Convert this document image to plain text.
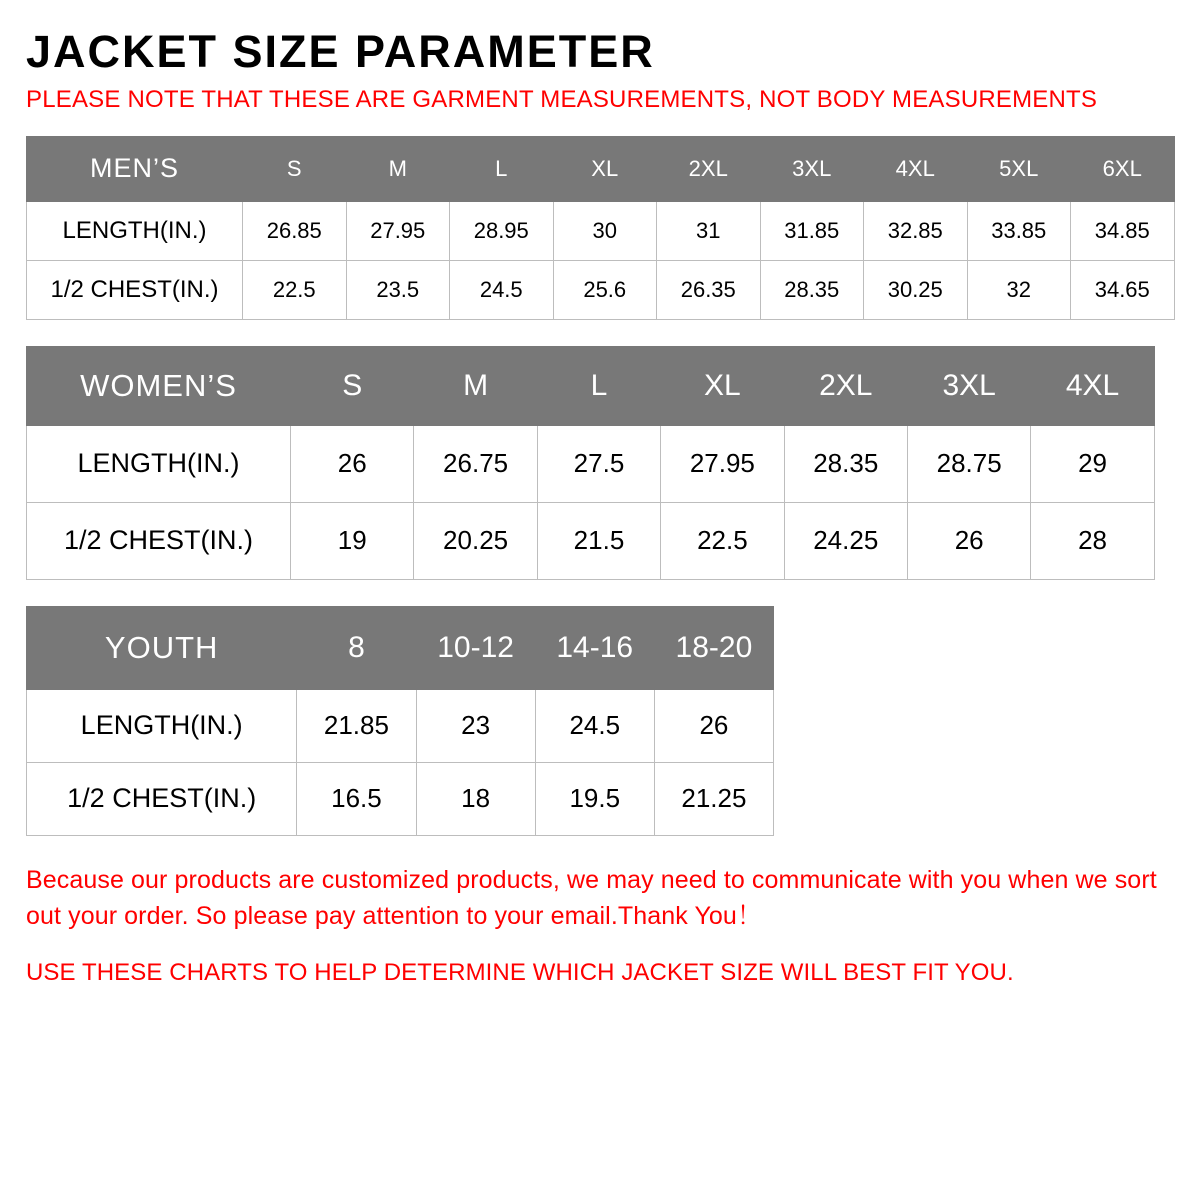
JACKET SIZE PARAMETER
PLEASE NOTE THAT THESE ARE GARMENT MEASUREMENTS, NOT BODY MEASUREMENTS
MEN’S	S	M	L	XL	2XL	3XL	4XL	5XL	6XL
LENGTH(IN.)	26.85	27.95	28.95	30	31	31.85	32.85	33.85	34.85
1/2 CHEST(IN.)	22.5	23.5	24.5	25.6	26.35	28.35	30.25	32	34.65
WOMEN’S	S	M	L	XL	2XL	3XL	4XL
LENGTH(IN.)	26	26.75	27.5	27.95	28.35	28.75	29
1/2 CHEST(IN.)	19	20.25	21.5	22.5	24.25	26	28
YOUTH	8	10-12	14-16	18-20
LENGTH(IN.)	21.85	23	24.5	26
1/2 CHEST(IN.)	16.5	18	19.5	21.25
Because our products are customized products, we may need to communicate with you when we sort out your order. So please pay attention to your email.Thank You！
USE THESE CHARTS TO HELP DETERMINE WHICH JACKET SIZE WILL BEST FIT YOU.
